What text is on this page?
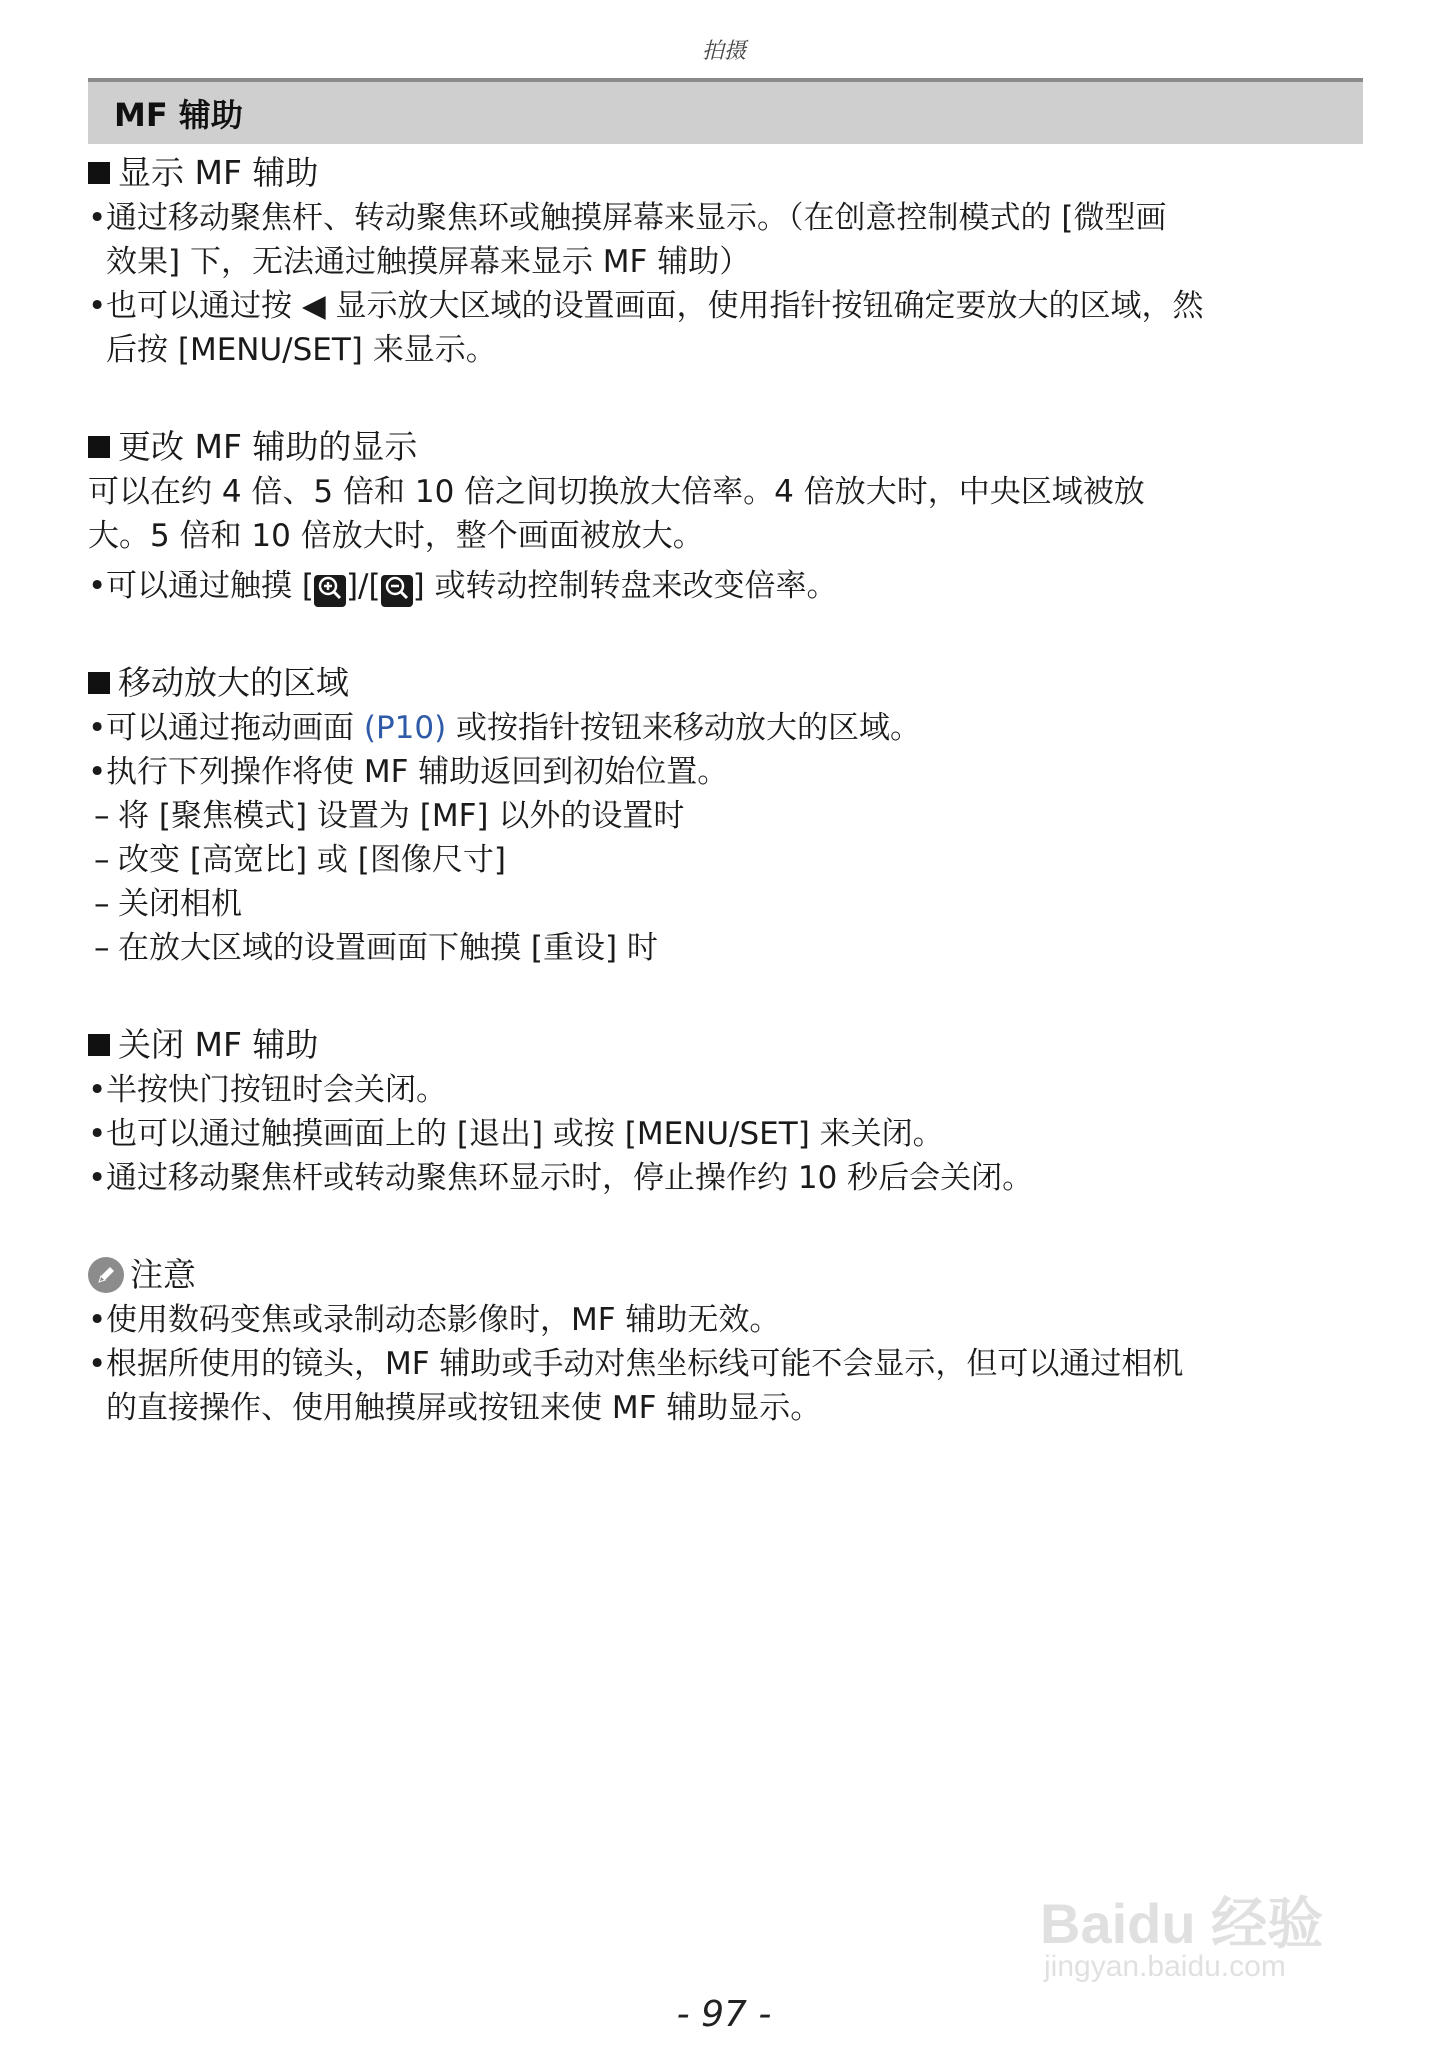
拍摄
MF 辅助
显示 MF 辅助
• 通过移动聚焦杆、转动聚焦环或触摸屏幕来显示。（在创意控制模式的 [微型画
效果] 下，无法通过触摸屏幕来显示 MF 辅助）
• 也可以通过按 ◀ 显示放大区域的设置画面，使用指针按钮确定要放大的区域，然
后按 [MENU/SET] 来显示。
更改 MF 辅助的显示
可以在约 4 倍、5 倍和 10 倍之间切换放大倍率。4 倍放大时，中央区域被放
大。5 倍和 10 倍放大时，整个画面被放大。
• 可以通过触摸 [ ]/[ ] 或转动控制转盘来改变倍率。
移动放大的区域
• 可以通过拖动画面 (P10) 或按指针按钮来移动放大的区域。
• 执行下列操作将使 MF 辅助返回到初始位置。
– 将 [聚焦模式] 设置为 [MF] 以外的设置时
– 改变 [高宽比] 或 [图像尺寸]
– 关闭相机
– 在放大区域的设置画面下触摸 [重设] 时
关闭 MF 辅助
• 半按快门按钮时会关闭。
• 也可以通过触摸画面上的 [退出] 或按 [MENU/SET] 来关闭。
• 通过移动聚焦杆或转动聚焦环显示时，停止操作约 10 秒后会关闭。
注意
• 使用数码变焦或录制动态影像时，MF 辅助无效。
• 根据所使用的镜头，MF 辅助或手动对焦坐标线可能不会显示，但可以通过相机
的直接操作、使用触摸屏或按钮来使 MF 辅助显示。
Baidu 经验
jingyan.baidu.com
- 97 -
